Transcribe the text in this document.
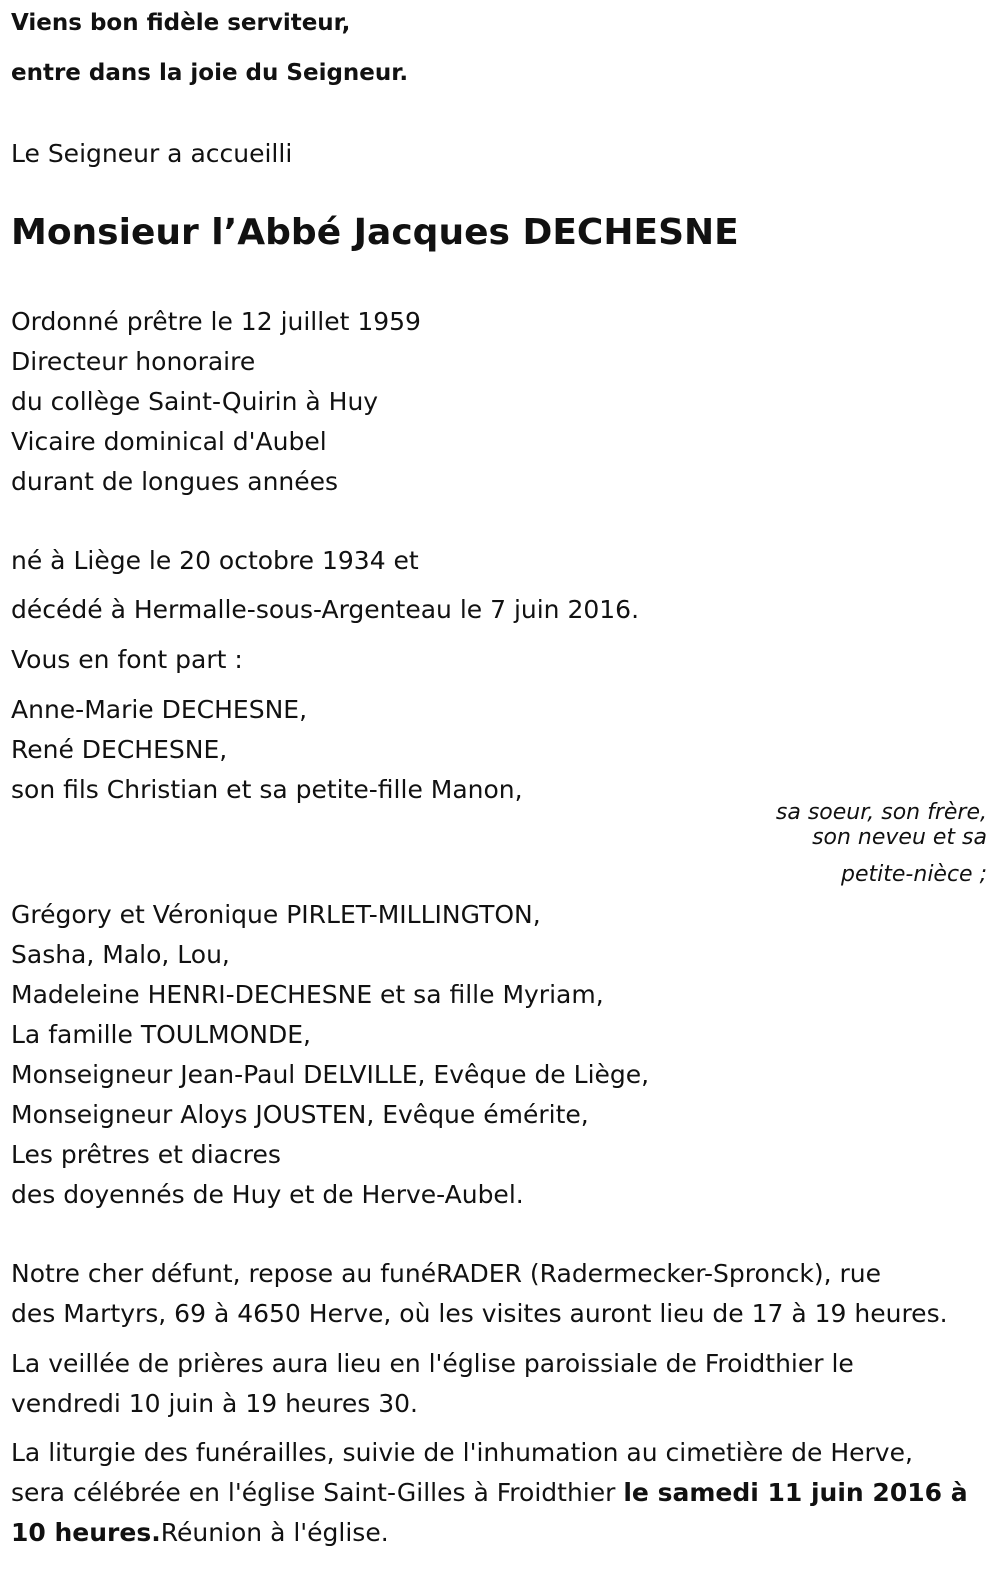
Viens bon fidèle serviteur,
entre dans la joie du Seigneur.
Le Seigneur a accueilli
Monsieur l’Abbé Jacques DECHESNE
Ordonné prêtre le 12 juillet 1959
Directeur honoraire
du collège Saint-Quirin à Huy
Vicaire dominical d'Aubel
durant de longues années
né à Liège le 20 octobre 1934 et
décédé à Hermalle-sous-Argenteau le 7 juin 2016.
Vous en font part :
Anne-Marie DECHESNE,
René DECHESNE,
son fils Christian et sa petite-fille Manon,
sa soeur, son frère,
son neveu et sa
petite-nièce ;
Grégory et Véronique PIRLET-MILLINGTON,
Sasha, Malo, Lou,
Madeleine HENRI-DECHESNE et sa fille Myriam,
La famille TOULMONDE,
Monseigneur Jean-Paul DELVILLE, Evêque de Liège,
Monseigneur Aloys JOUSTEN, Evêque émérite,
Les prêtres et diacres
des doyennés de Huy et de Herve-Aubel.
Notre cher défunt, repose au funéRADER (Radermecker-Spronck), rue
des Martyrs, 69 à 4650 Herve, où les visites auront lieu de 17 à 19 heures.
La veillée de prières aura lieu en l'église paroissiale de Froidthier le
vendredi 10 juin à 19 heures 30.
La liturgie des funérailles, suivie de l'inhumation au cimetière de Herve,
sera célébrée en l'église Saint-Gilles à Froidthier le samedi 11 juin 2016 à
10 heures.Réunion à l'église.
